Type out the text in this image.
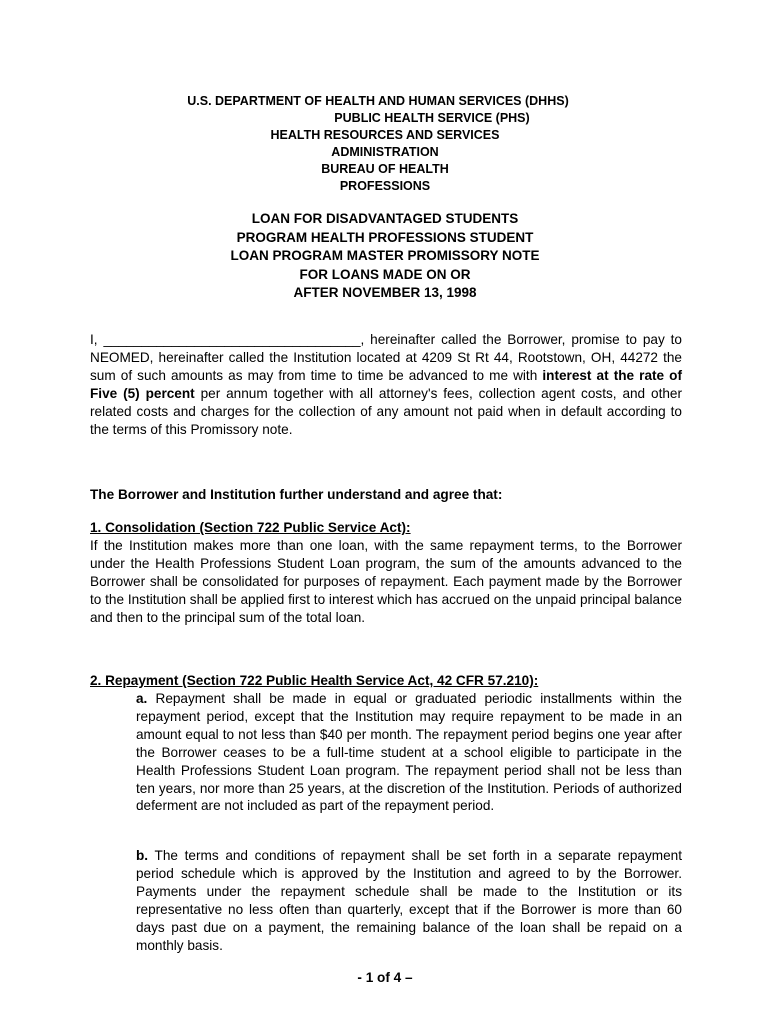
U.S. DEPARTMENT OF HEALTH AND HUMAN SERVICES (DHHS)
PUBLIC HEALTH SERVICE (PHS)
HEALTH RESOURCES AND SERVICES
ADMINISTRATION
BUREAU OF HEALTH
PROFESSIONS
LOAN FOR DISADVANTAGED STUDENTS
PROGRAM HEALTH PROFESSIONS STUDENT
LOAN PROGRAM MASTER PROMISSORY NOTE
FOR LOANS MADE ON OR
AFTER NOVEMBER 13, 1998
I, __________________________________, hereinafter called the Borrower, promise to pay to NEOMED, hereinafter called the Institution located at 4209 St Rt 44, Rootstown, OH, 44272 the sum of such amounts as may from time to time be advanced to me with interest at the rate of Five (5) percent per annum together with all attorney's fees, collection agent costs, and other related costs and charges for the collection of any amount not paid when in default according to the terms of this Promissory note.
The Borrower and Institution further understand and agree that:
1. Consolidation (Section 722 Public Service Act):
If the Institution makes more than one loan, with the same repayment terms, to the Borrower under the Health Professions Student Loan program, the sum of the amounts advanced to the Borrower shall be consolidated for purposes of repayment. Each payment made by the Borrower to the Institution shall be applied first to interest which has accrued on the unpaid principal balance and then to the principal sum of the total loan.
2. Repayment (Section 722 Public Health Service Act, 42 CFR 57.210):
a. Repayment shall be made in equal or graduated periodic installments within the repayment period, except that the Institution may require repayment to be made in an amount equal to not less than $40 per month. The repayment period begins one year after the Borrower ceases to be a full-time student at a school eligible to participate in the Health Professions Student Loan program. The repayment period shall not be less than ten years, nor more than 25 years, at the discretion of the Institution. Periods of authorized deferment are not included as part of the repayment period.
b. The terms and conditions of repayment shall be set forth in a separate repayment period schedule which is approved by the Institution and agreed to by the Borrower. Payments under the repayment schedule shall be made to the Institution or its representative no less often than quarterly, except that if the Borrower is more than 60 days past due on a payment, the remaining balance of the loan shall be repaid on a monthly basis.
- 1 of 4 –
